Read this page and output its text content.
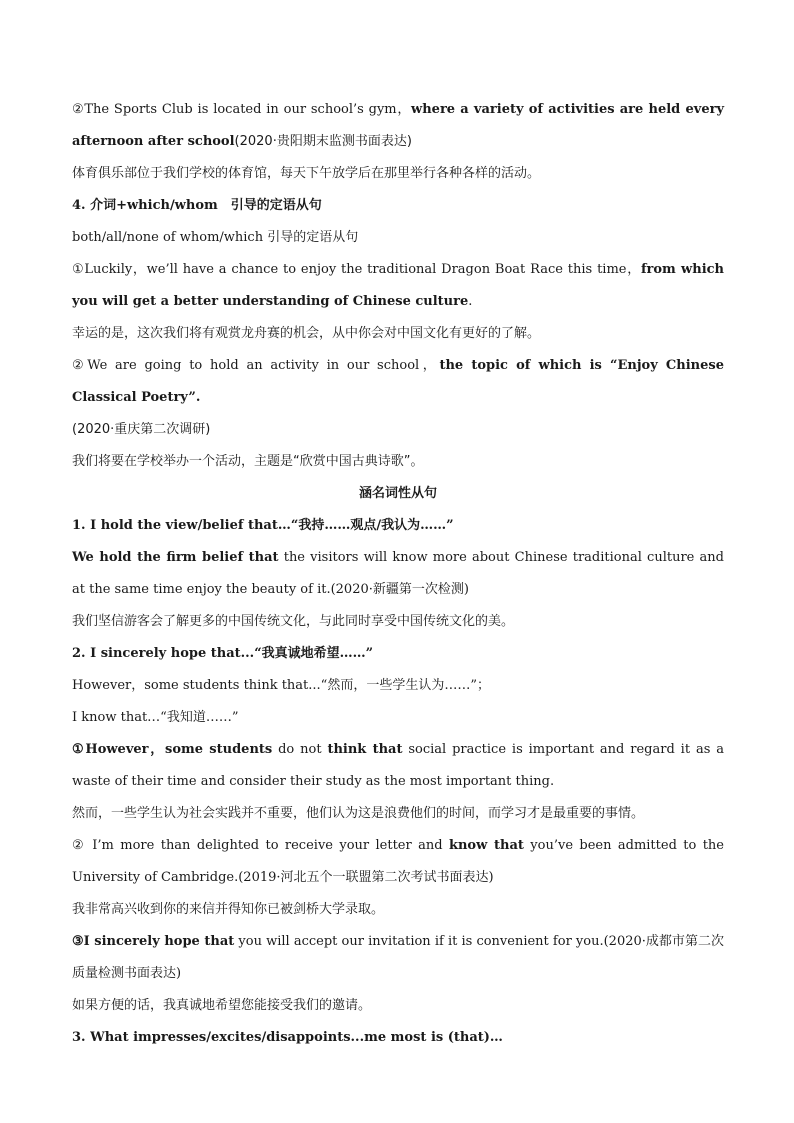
②The Sports Club is located in our school’s gym，where a variety of activities are held every afternoon after school(2020·贵阳期末监测书面表达)

体育俱乐部位于我们学校的体育馆，每天下午放学后在那里举行各种各样的活动。

4. 介词+which/whom　引导的定语从句

both/all/none of whom/which 引导的定语从句

①Luckily，we’ll have a chance to enjoy the traditional Dragon Boat Race this time，from which you will get a better understanding of Chinese culture.

幸运的是，这次我们将有观赏龙舟赛的机会，从中你会对中国文化有更好的了解。

②We are going to hold an activity in our school，the topic of which is “Enjoy Chinese Classical Poetry”.
(2020·重庆第二次调研)

我们将要在学校举办一个活动，主题是“欣赏中国古典诗歌”。

涵名词性从句

1. I hold the view/belief that…“我持……观点/我认为……”

We hold the firm belief that the visitors will know more about Chinese traditional culture and at the same time enjoy the beauty of it.(2020·新疆第一次检测)

我们坚信游客会了解更多的中国传统文化，与此同时享受中国传统文化的美。

2. I sincerely hope that...“我真诚地希望……”

However，some students think that...“然而，一些学生认为……”；

I know that…“我知道……”

①However，some students do not think that social practice is important and regard it as a waste of their time and consider their study as the most important thing.

然而，一些学生认为社会实践并不重要，他们认为这是浪费他们的时间，而学习才是最重要的事情。

② I’m more than delighted to receive your letter and know that you’ve been admitted to the University of Cambridge.(2019·河北五个一联盟第二次考试书面表达)

我非常高兴收到你的来信并得知你已被剑桥大学录取。

③I sincerely hope that you will accept our invitation if it is convenient for you.(2020·成都市第二次质量检测书面表达)

如果方便的话，我真诚地希望您能接受我们的邀请。

3. What impresses/excites/disappoints...me most is (that)…
